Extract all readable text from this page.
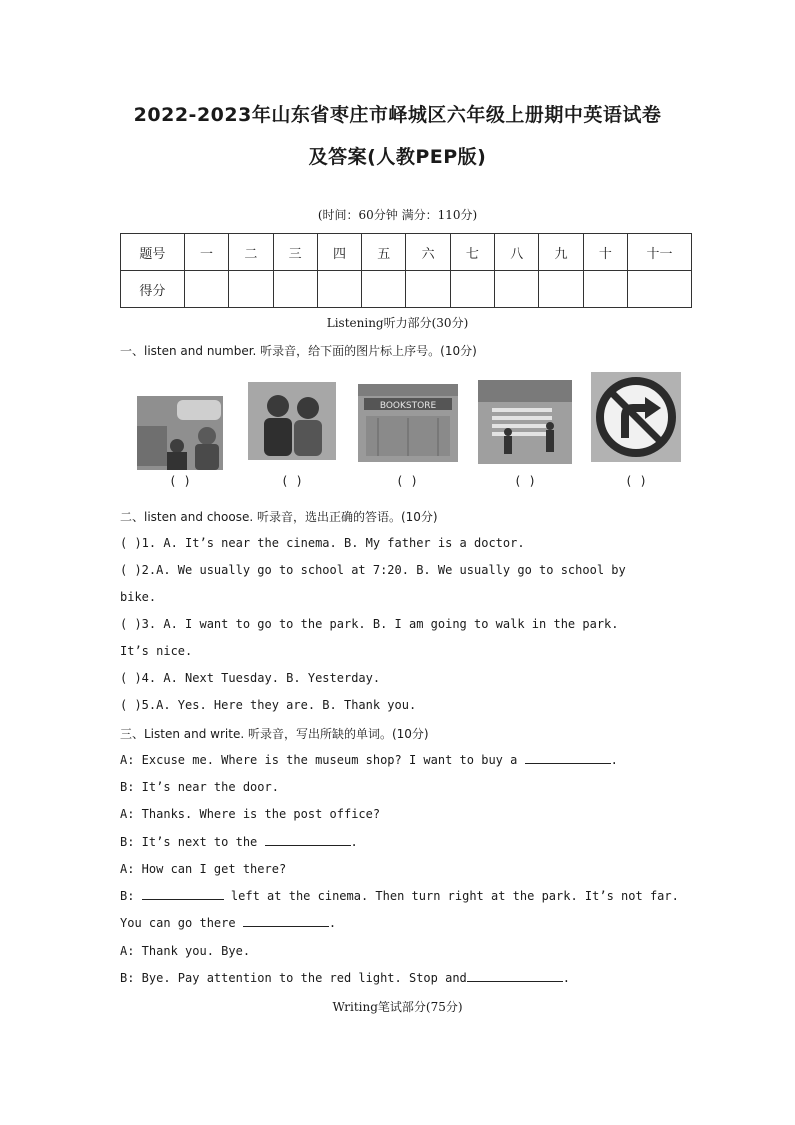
2022-2023年山东省枣庄市峄城区六年级上册期中英语试卷
及答案(人教PEP版)
(时间：60分钟 满分：110分)
题号	一	二	三	四	五	六	七	八	九	十	十一
得分											
Listening听力部分(30分)
一、listen and number. 听录音，给下面的图片标上序号。(10分)
BOOKSTORE
( )	( )	( )	( )	( )
二、listen and choose. 听录音，选出正确的答语。(10分)
( )1. A. It’s near the cinema. B. My father is a doctor.
( )2.A. We usually go to school at 7:20. B. We usually go to school by
bike.
( )3. A. I want to go to the park. B. I am going to walk in the park.
It’s nice.
( )4. A. Next Tuesday. B. Yesterday.
( )5.A. Yes. Here they are. B. Thank you.
三、Listen and write. 听录音，写出所缺的单词。(10分)
A: Excuse me. Where is the museum shop? I want to buy a	.
B: It’s near the door.
A: Thanks. Where is the post office?
B: It’s next to the	.
A: How can I get there?
B:	left at the cinema. Then turn right at the park. It’s not far.
You can go there	.
A: Thank you. Bye.
B: Bye. Pay attention to the red light. Stop and	.
Writing笔试部分(75分)
